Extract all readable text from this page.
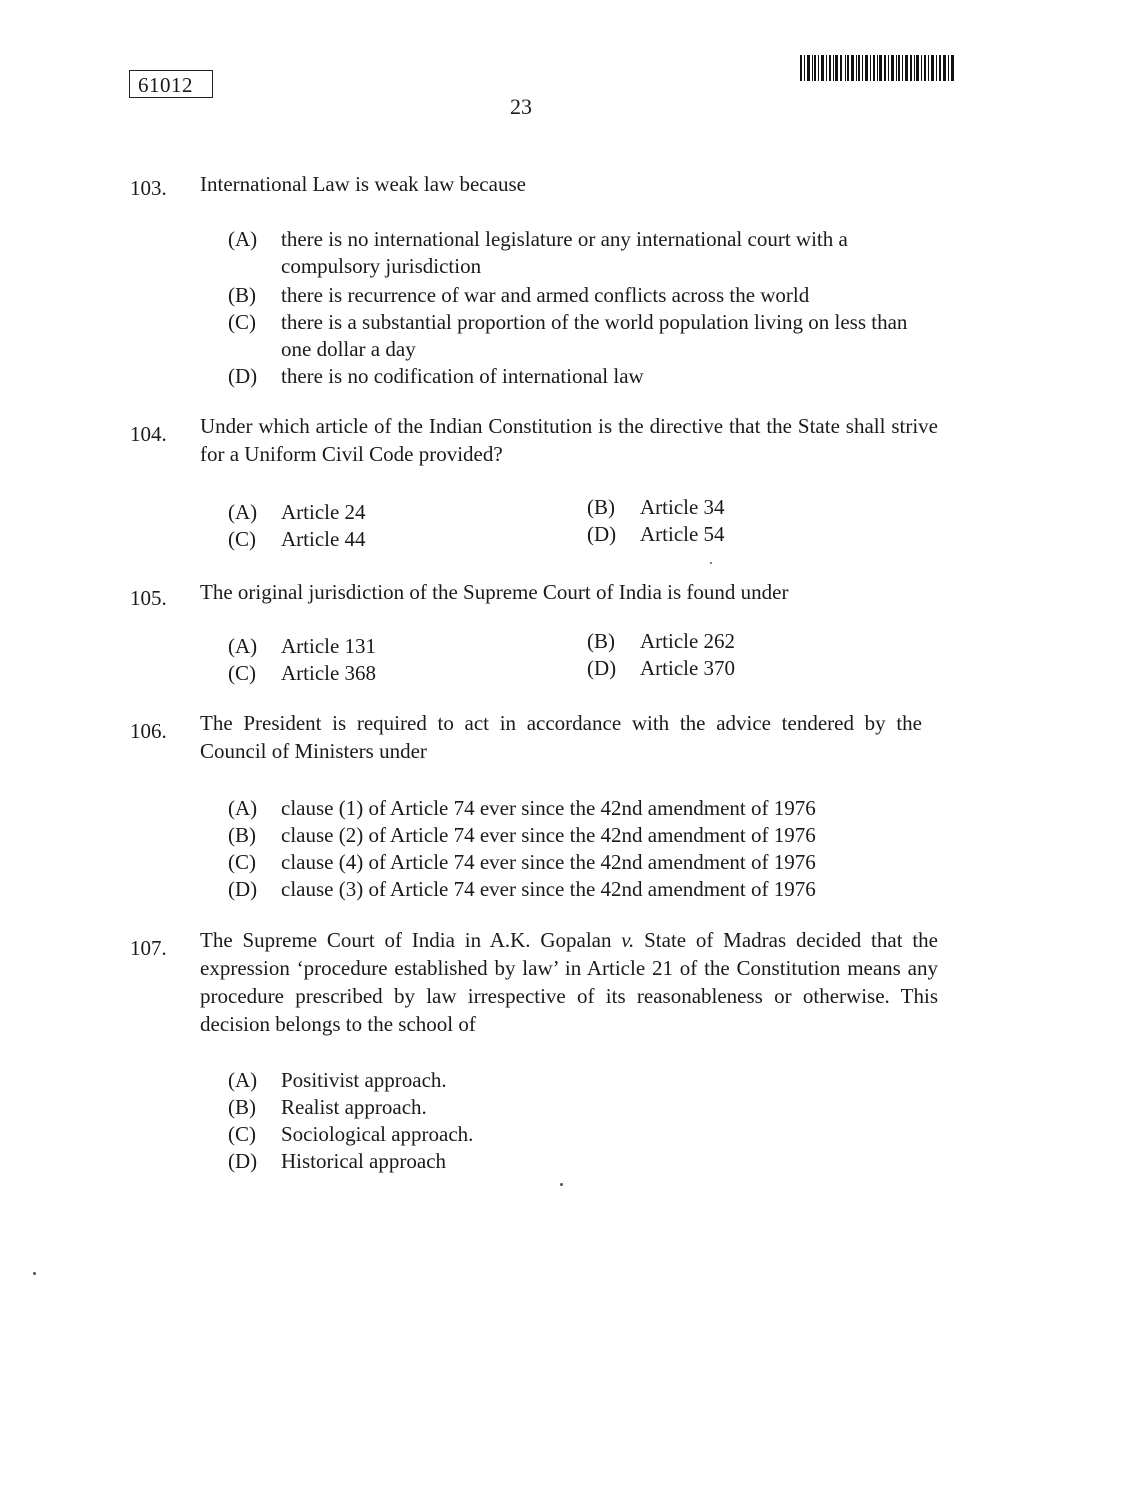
61012
23
103. International Law is weak law because
(A)	there is no international legislature or any international court with a compulsory jurisdiction
(B)	there is recurrence of war and armed conflicts across the world
(C)	there is a substantial proportion of the world population living on less than one dollar a day
(D)	there is no codification of international law
104. Under which article of the Indian Constitution is the directive that the State shall strive for a Uniform Civil Code provided?
(A) Article 24	(B) Article 34
(C) Article 44	(D) Article 54
105. The original jurisdiction of the Supreme Court of India is found under
(A) Article 131	(B) Article 262
(C) Article 368	(D) Article 370
106. The President is required to act in accordance with the advice tendered by the Council of Ministers under
(A)	clause (1) of Article 74 ever since the 42nd amendment of 1976
(B)	clause (2) of Article 74 ever since the 42nd amendment of 1976
(C)	clause (4) of Article 74 ever since the 42nd amendment of 1976
(D)	clause (3) of Article 74 ever since the 42nd amendment of 1976
107. The Supreme Court of India in A.K. Gopalan v. State of Madras decided that the expression ‘procedure established by law’ in Article 21 of the Constitution means any procedure prescribed by law irrespective of its reasonableness or otherwise. This decision belongs to the school of
(A)	Positivist approach.
(B)	Realist approach.
(C)	Sociological approach.
(D)	Historical approach
